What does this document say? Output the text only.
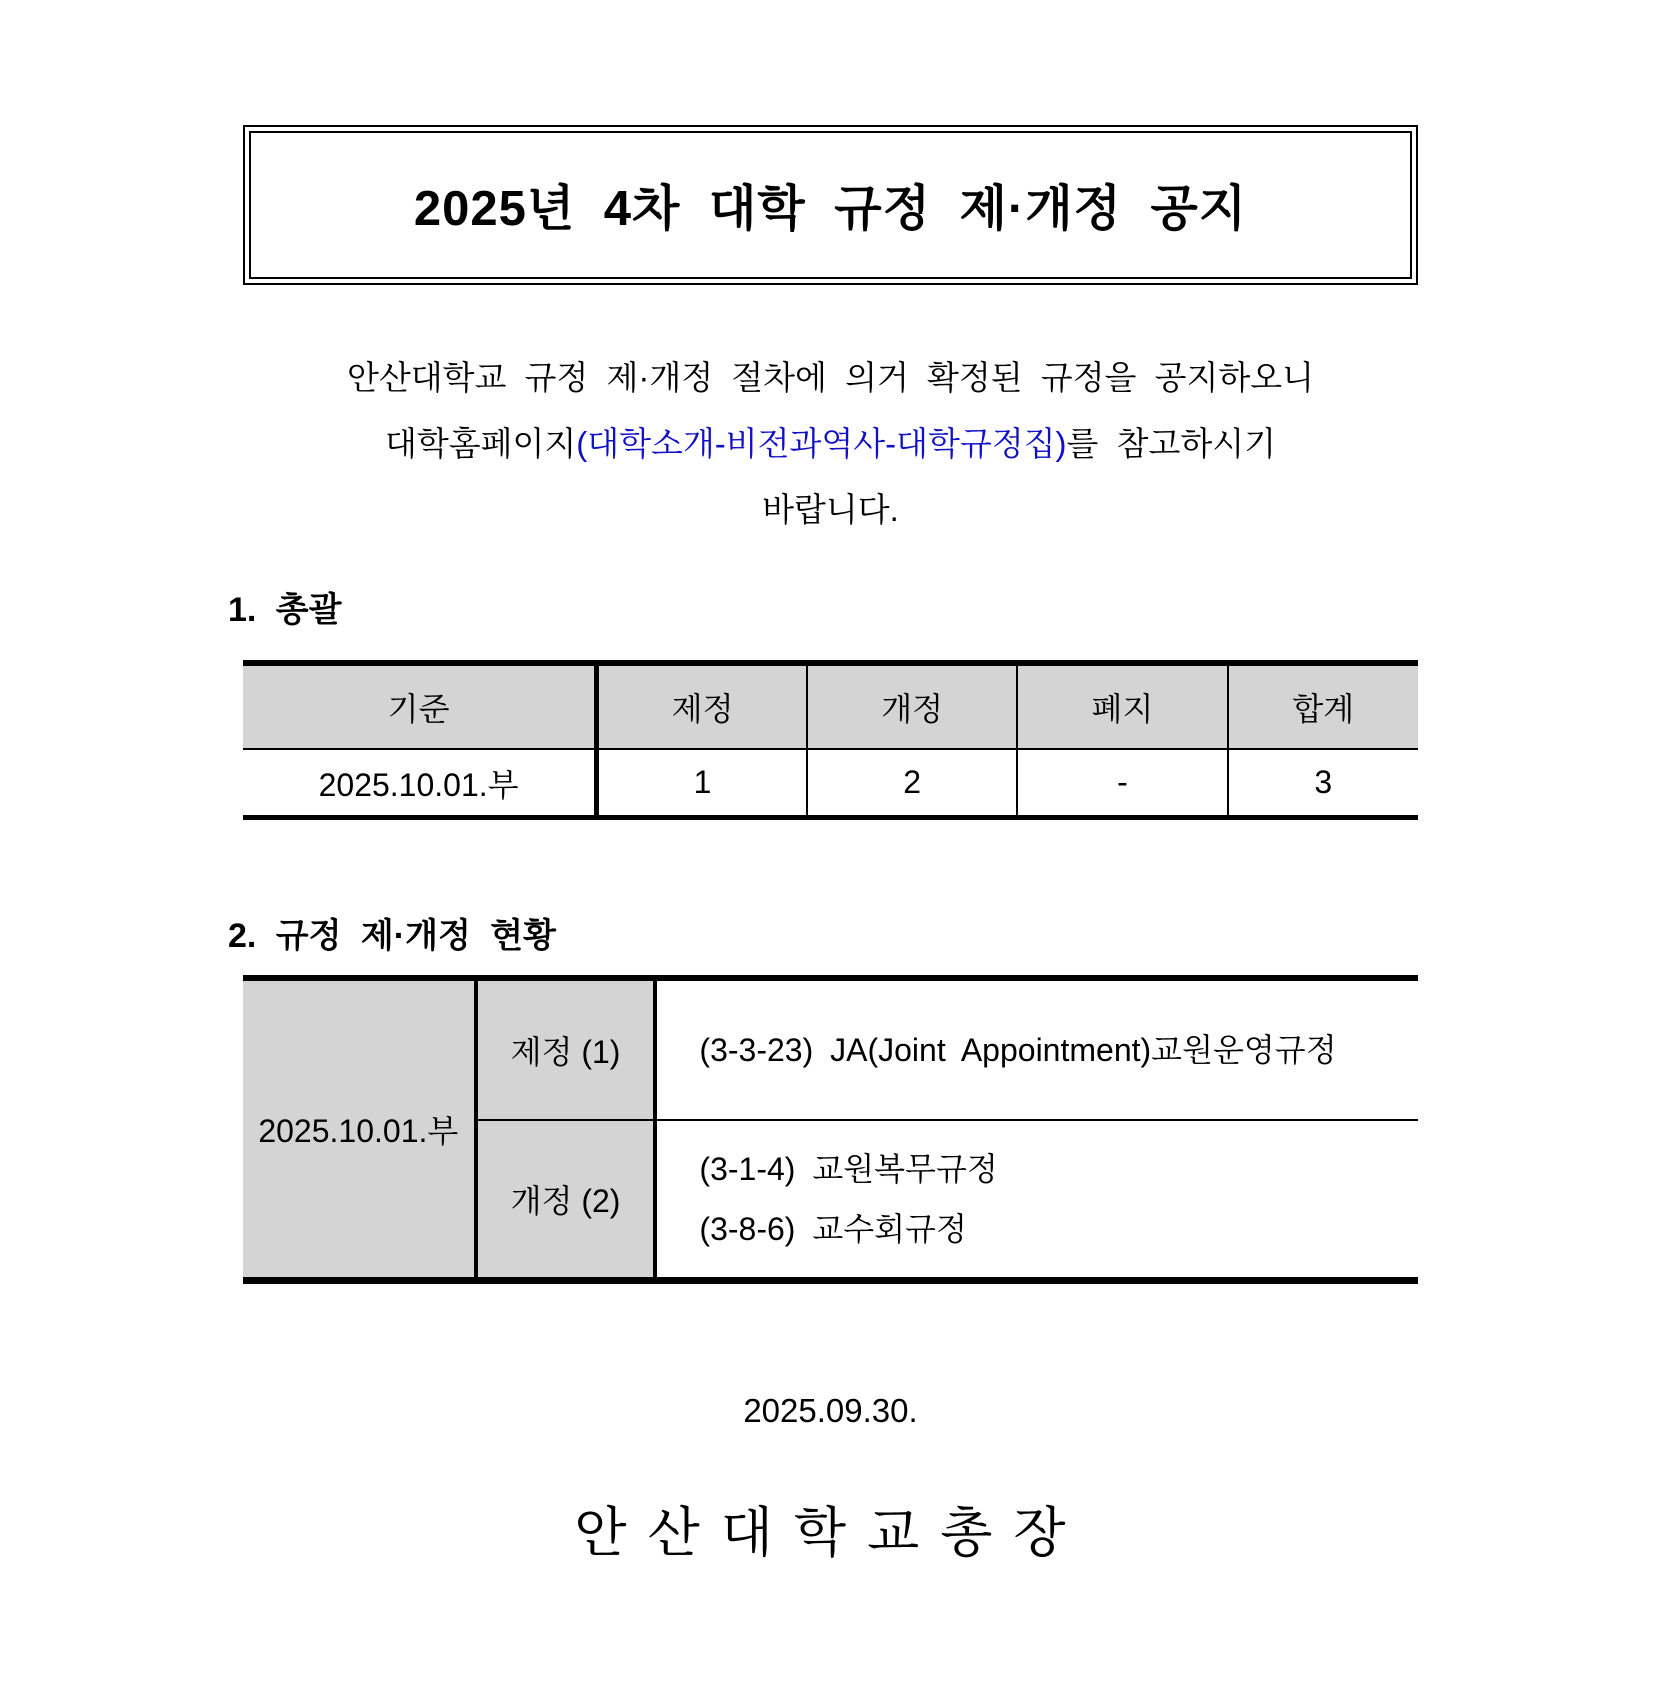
2025년 4차 대학 규정 제·개정 공지
안산대학교 규정 제·개정 절차에 의거 확정된 규정을 공지하오니
대학홈페이지(대학소개-비전과역사-대학규정집)를 참고하시기
바랍니다.
1. 총괄
기준	제정	개정	폐지	합계
2025.10.01.부	1	2	-	3
2. 규정 제·개정 현황
2025.10.01.부	제정 (1)	(3-3-23) JA(Joint Appointment)교원운영규정

	개정 (2)	(3-1-4) 교원복무규정
(3-8-6) 교수회규정
2025.09.30.
안산대학교총장
